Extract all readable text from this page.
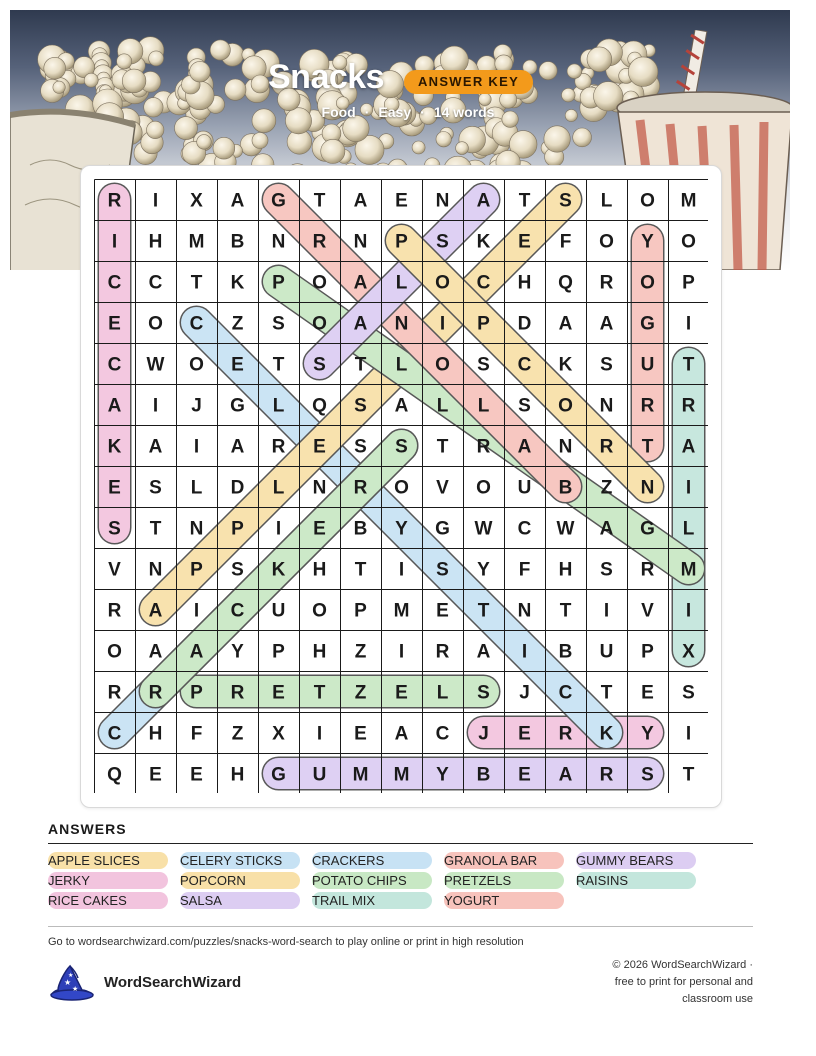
Snacks	ANSWER KEY
Food · Easy · 14 words
R I X A G T A E N A T S L O M
I H M B N R N P S K E F O Y O
C C T K P O A L O C H Q R O P
E O C Z S O A N I P D A A G I
C W O E T S T L O S C K S U T
A I J G L Q S A L L S O N R R
K A I A R E S S T R A N R T A
E S L D L N R O V O U B Z N I
S T N P I E B Y G W C W A G L
V N P S K H T I S Y F H S R M
R A I C U O P M E T N T I V I
O A A Y P H Z I R A I B U P X
R R P R E T Z E L S J C T E S
C H F Z X I E A C J E R K Y I
Q E E H G U M M Y B E A R S T
ANSWERS
APPLE SLICES
JERKY
RICE CAKES
CELERY STICKS
POPCORN
SALSA
CRACKERS
POTATO CHIPS
TRAIL MIX
GRANOLA BAR
PRETZELS
YOGURT
GUMMY BEARS
RAISINS
Go to wordsearchwizard.com/puzzles/snacks-word-search to play online or print in high resolution
★
★
★ WordSearchWizard
© 2026 WordSearchWizard ·
free to print for personal and
classroom use
